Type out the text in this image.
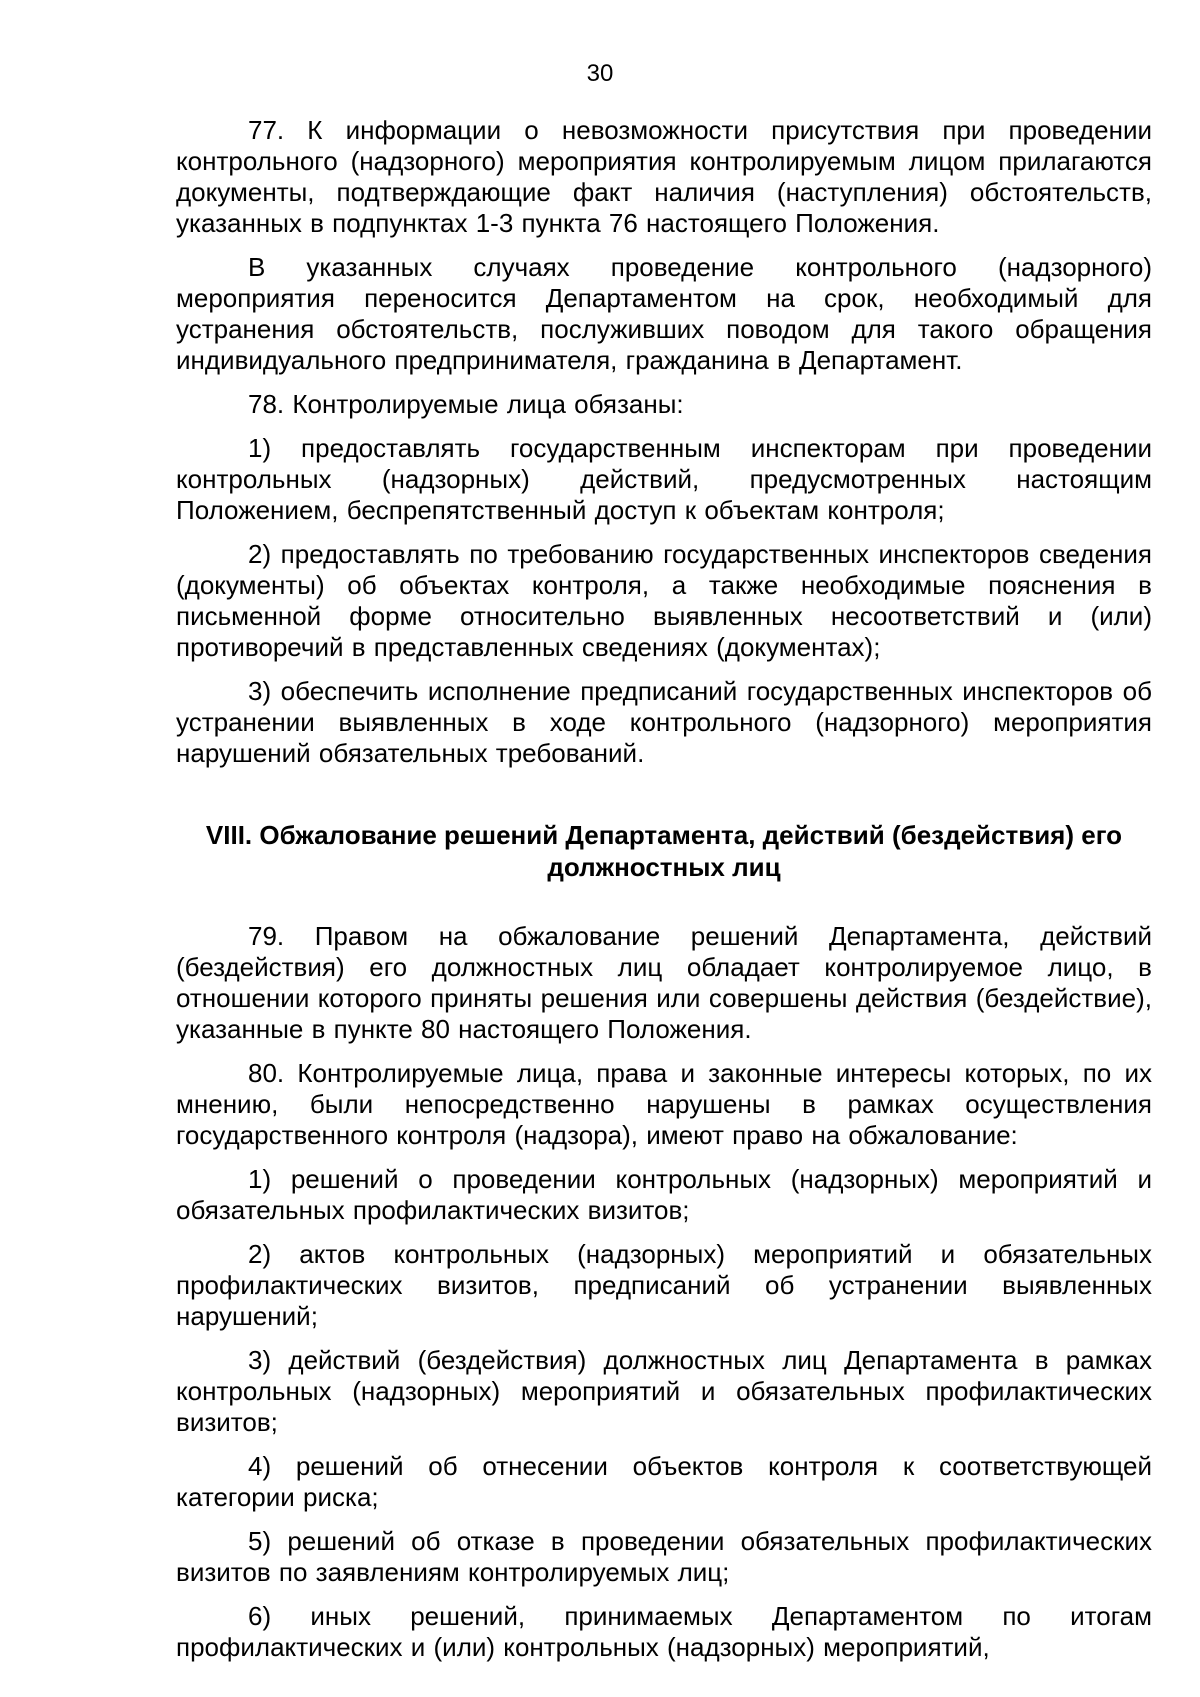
30

77. К информации о невозможности присутствия при проведении контрольного (надзорного) мероприятия контролируемым лицом прилагаются документы, подтверждающие факт наличия (наступления) обстоятельств, указанных в подпунктах 1-3 пункта 76 настоящего Положения.

В указанных случаях проведение контрольного (надзорного) мероприятия переносится Департаментом на срок, необходимый для устранения обстоятельств, послуживших поводом для такого обращения индивидуального предпринимателя, гражданина в Департамент.

78. Контролируемые лица обязаны:

1) предоставлять государственным инспекторам при проведении контрольных (надзорных) действий, предусмотренных настоящим Положением, беспрепятственный доступ к объектам контроля;

2) предоставлять по требованию государственных инспекторов сведения (документы) об объектах контроля, а также необходимые пояснения в письменной форме относительно выявленных несоответствий и (или) противоречий в представленных сведениях (документах);

3) обеспечить исполнение предписаний государственных инспекторов об устранении выявленных в ходе контрольного (надзорного) мероприятия нарушений обязательных требований.

VIII. Обжалование решений Департамента, действий (бездействия) его должностных лиц

79. Правом на обжалование решений Департамента, действий (бездействия) его должностных лиц обладает контролируемое лицо, в отношении которого приняты решения или совершены действия (бездействие), указанные в пункте 80 настоящего Положения.

80. Контролируемые лица, права и законные интересы которых, по их мнению, были непосредственно нарушены в рамках осуществления государственного контроля (надзора), имеют право на обжалование:

1) решений о проведении контрольных (надзорных) мероприятий и обязательных профилактических визитов;

2) актов контрольных (надзорных) мероприятий и обязательных профилактических визитов, предписаний об устранении выявленных нарушений;

3) действий (бездействия) должностных лиц Департамента в рамках контрольных (надзорных) мероприятий и обязательных профилактических визитов;

4) решений об отнесении объектов контроля к соответствующей категории риска;

5) решений об отказе в проведении обязательных профилактических визитов по заявлениям контролируемых лиц;

6) иных решений, принимаемых Департаментом по итогам профилактических и (или) контрольных (надзорных) мероприятий,
